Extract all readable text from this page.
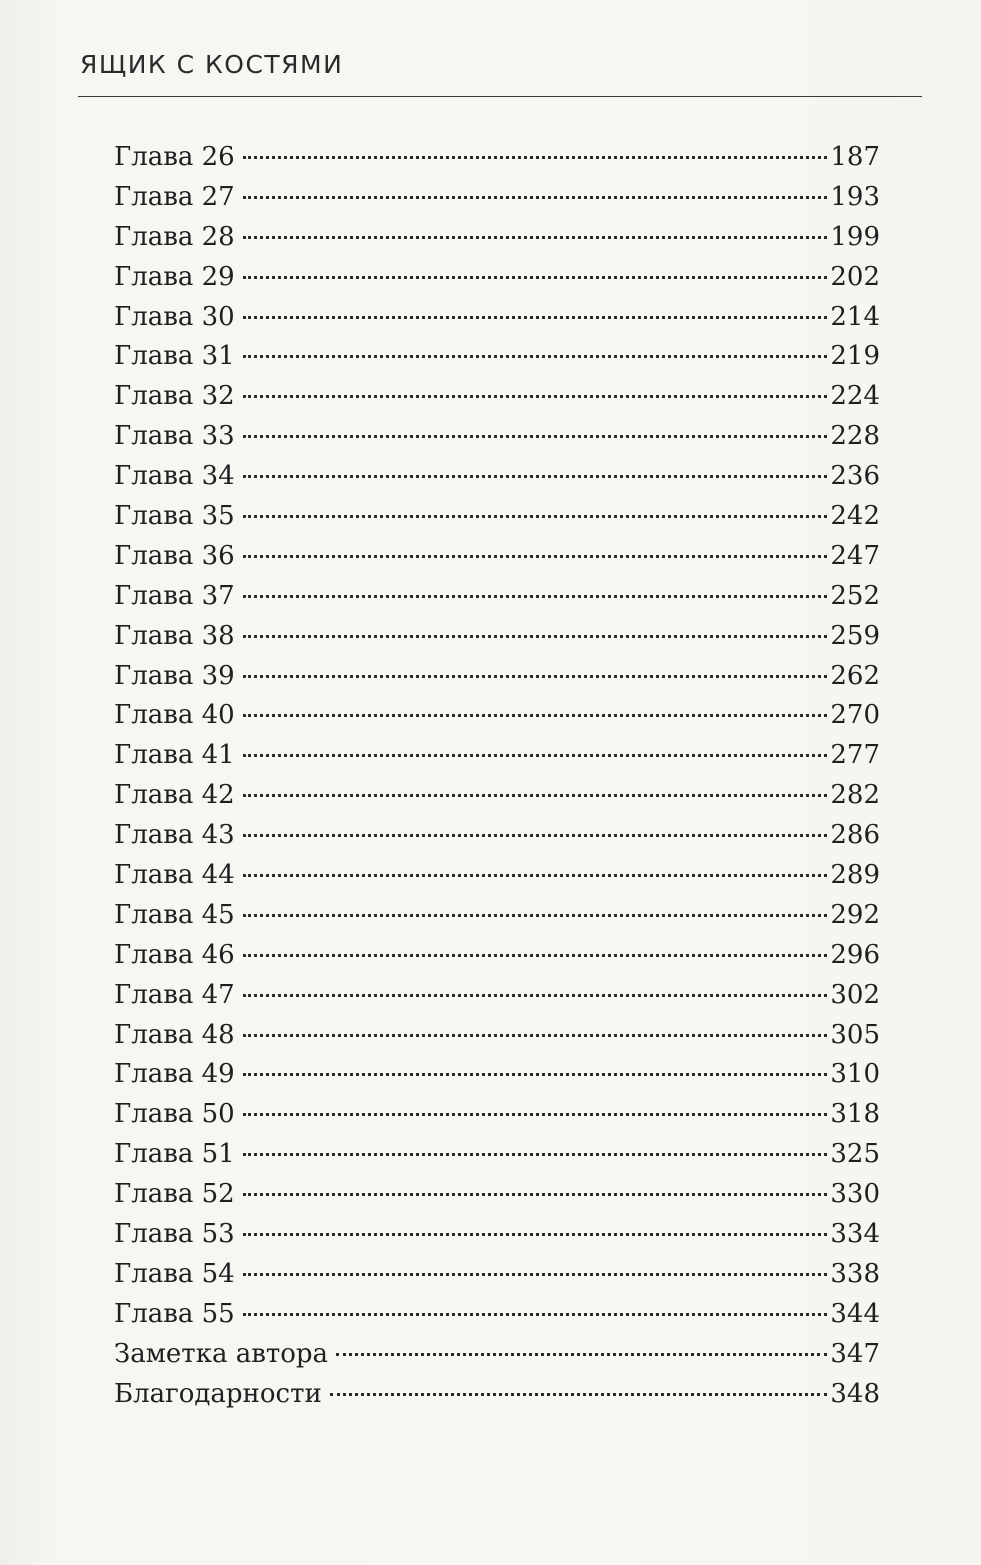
ЯЩИК С КОСТЯМИ
Глава 26	187
Глава 27	193
Глава 28	199
Глава 29	202
Глава 30	214
Глава 31	219
Глава 32	224
Глава 33	228
Глава 34	236
Глава 35	242
Глава 36	247
Глава 37	252
Глава 38	259
Глава 39	262
Глава 40	270
Глава 41	277
Глава 42	282
Глава 43	286
Глава 44	289
Глава 45	292
Глава 46	296
Глава 47	302
Глава 48	305
Глава 49	310
Глава 50	318
Глава 51	325
Глава 52	330
Глава 53	334
Глава 54	338
Глава 55	344
Заметка автора	347
Благодарности	348
